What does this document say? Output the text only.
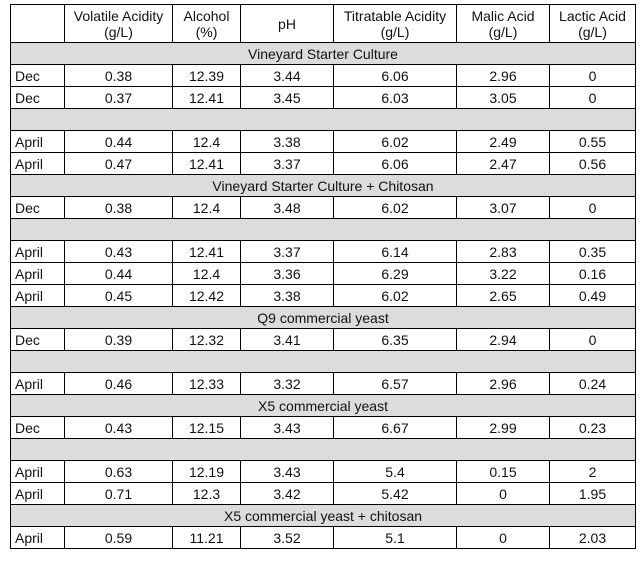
	Volatile Acidity (g/L)	Alcohol (%)	pH	Titratable Acidity (g/L)	Malic Acid (g/L)	Lactic Acid (g/L)
Vineyard Starter Culture						
Dec	0.38	12.39	3.44	6.06	2.96	0
Dec	0.37	12.41	3.45	6.03	3.05	0

April	0.44	12.4	3.38	6.02	2.49	0.55
April	0.47	12.41	3.37	6.06	2.47	0.56
Vineyard Starter Culture + Chitosan						
Dec	0.38	12.4	3.48	6.02	3.07	0

April	0.43	12.41	3.37	6.14	2.83	0.35
April	0.44	12.4	3.36	6.29	3.22	0.16
April	0.45	12.42	3.38	6.02	2.65	0.49
Q9 commercial yeast						
Dec	0.39	12.32	3.41	6.35	2.94	0

April	0.46	12.33	3.32	6.57	2.96	0.24
X5 commercial yeast						
Dec	0.43	12.15	3.43	6.67	2.99	0.23

April	0.63	12.19	3.43	5.4	0.15	2
April	0.71	12.3	3.42	5.42	0	1.95
X5 commercial yeast + chitosan						
April	0.59	11.21	3.52	5.1	0	2.03
